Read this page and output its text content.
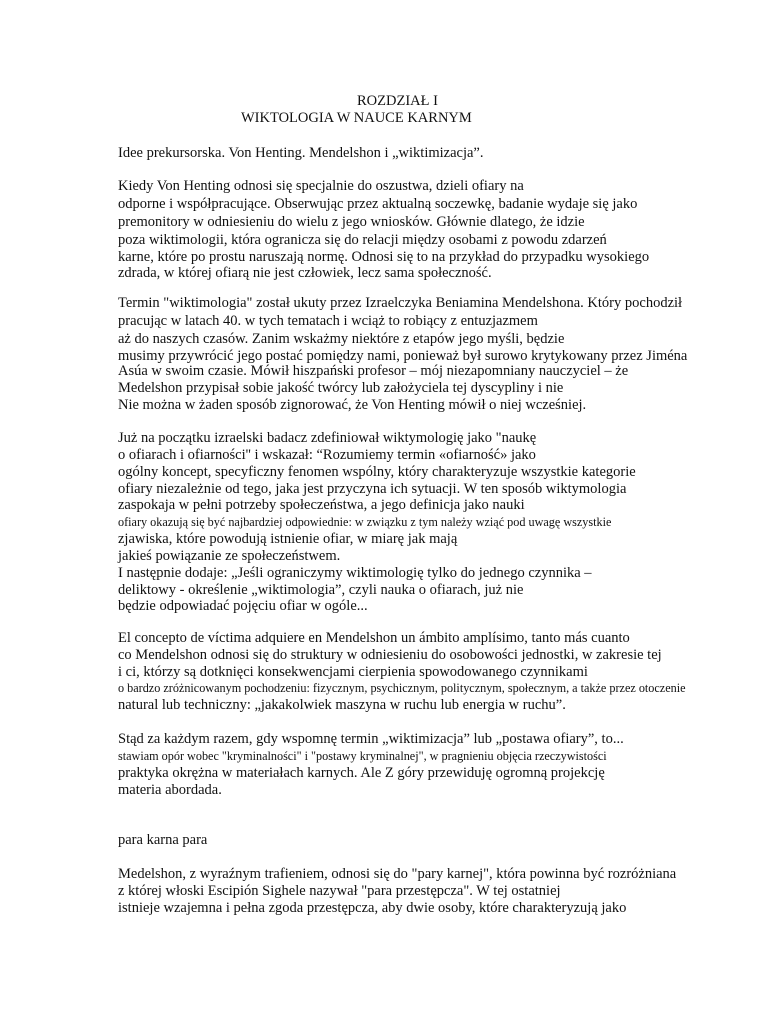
ROZDZIAŁ I
WIKTOLOGIA W NAUCE KARNYM
Idee prekursorska. Von Henting. Mendelshon i „wiktimizacja”.
Kiedy Von Henting odnosi się specjalnie do oszustwa, dzieli ofiary na
odporne i współpracujące. Obserwując przez aktualną soczewkę, badanie wydaje się jako
premonitory w odniesieniu do wielu z jego wniosków. Głównie dlatego, że idzie
poza wiktimologii, która ogranicza się do relacji między osobami z powodu zdarzeń
karne, które po prostu naruszają normę. Odnosi się to na przykład do przypadku wysokiego
zdrada, w której ofiarą nie jest człowiek, lecz sama społeczność.
Termin "wiktimologia" został ukuty przez Izraelczyka Beniamina Mendelshona. Który pochodził
pracując w latach 40. w tych tematach i wciąż to robiący z entuzjazmem
aż do naszych czasów. Zanim wskażmy niektóre z etapów jego myśli, będzie
musimy przywrócić jego postać pomiędzy nami, ponieważ był surowo krytykowany przez Jiména
Asúa w swoim czasie. Mówił hiszpański profesor – mój niezapomniany nauczyciel – że
Medelshon przypisał sobie jakość twórcy lub założyciela tej dyscypliny i nie
Nie można w żaden sposób zignorować, że Von Henting mówił o niej wcześniej.
Już na początku izraelski badacz zdefiniował wiktymologię jako "naukę
o ofiarach i ofiarności'' i wskazał: “Rozumiemy termin «ofiarność» jako
ogólny koncept, specyficzny fenomen wspólny, który charakteryzuje wszystkie kategorie
ofiary niezależnie od tego, jaka jest przyczyna ich sytuacji. W ten sposób wiktymologia
zaspokaja w pełni potrzeby społeczeństwa, a jego definicja jako nauki
ofiary okazują się być najbardziej odpowiednie: w związku z tym należy wziąć pod uwagę wszystkie
zjawiska, które powodują istnienie ofiar, w miarę jak mają
jakieś powiązanie ze społeczeństwem.
I następnie dodaje: „Jeśli ograniczymy wiktimologię tylko do jednego czynnika –
deliktowy - określenie „wiktimologia”, czyli nauka o ofiarach, już nie
będzie odpowiadać pojęciu ofiar w ogóle...
El concepto de víctima adquiere en Mendelshon un ámbito amplísimo, tanto más cuanto
co Mendelshon odnosi się do struktury w odniesieniu do osobowości jednostki, w zakresie tej
i ci, którzy są dotknięci konsekwencjami cierpienia spowodowanego czynnikami
o bardzo zróżnicowanym pochodzeniu: fizycznym, psychicznym, politycznym, społecznym, a także przez otoczenie
natural lub techniczny: „jakakolwiek maszyna w ruchu lub energia w ruchu”.
Stąd za każdym razem, gdy wspomnę termin „wiktimizacja” lub „postawa ofiary”, to...
stawiam opór wobec "kryminalności" i "postawy kryminalnej", w pragnieniu objęcia rzeczywistości
praktyka okrężna w materiałach karnych. Ale Z góry przewiduję ogromną projekcję
materia abordada.
para karna para
Medelshon, z wyraźnym trafieniem, odnosi się do "pary karnej", która powinna być rozróżniana
z której włoski Escipión Sighele nazywał "para przestępcza". W tej ostatniej
istnieje wzajemna i pełna zgoda przestępcza, aby dwie osoby, które charakteryzują jako
